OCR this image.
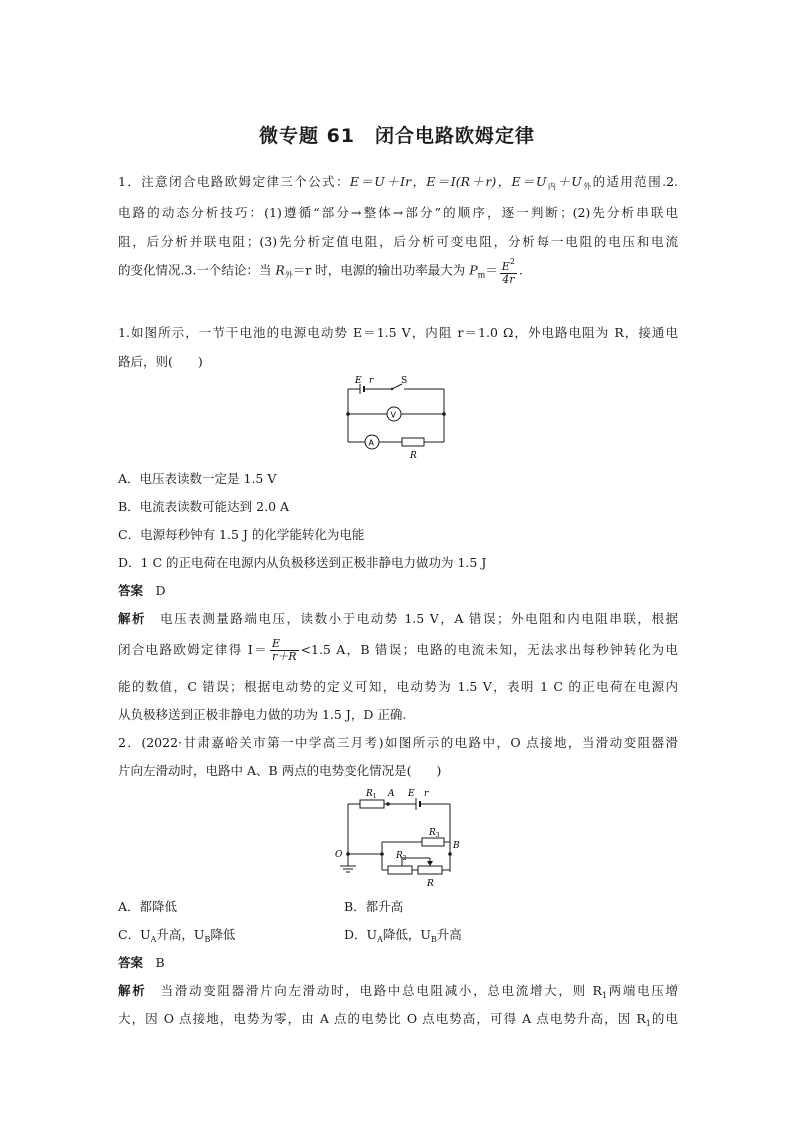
微专题 61　闭合电路欧姆定律
1．注意闭合电路欧姆定律三个公式：E＝U＋Ir，E＝I(R＋r)，$E=U_内+U_外$的适用范围.2.
电路的动态分析技巧：(1)遵循“部分→整体→部分”的顺序，逐一判断；(2)先分析串联电
阻，后分析并联电阻；(3)先分析定值电阻，后分析可变电阻，分析每一电阻的电压和电流
的变化情况.3.一个结论：当 $R_外=r$ 时，电源的输出功率最大为 $P_m= \frac{E^2}{4r}$ .
1.如图所示，一节干电池的电源电动势 E＝1.5 V，内阻 r＝1.0 Ω，外电路电阻为 R，接通电
路后，则(　　)
E r	S
V
A
R
A．电压表读数一定是 1.5 V
B．电流表读数可能达到 2.0 A
C．电源每秒钟有 1.5 J 的化学能转化为电能
D．1 C 的正电荷在电源内从负极移送到正极非静电力做功为 1.5 J
答案　 D
解析　 电压表测量路端电压，读数小于电动势 1.5 V，A 错误；外电阻和内电阻串联，根据
闭合电路欧姆定律得 $I= \frac{E}{r+R} <1.5$ A，B 错误；电路的电流未知，无法求出每秒钟转化为电
能的数值，C 错误；根据电动势的定义可知，电动势为 1.5 V，表明 1 C 的正电荷在电源内
从负极移送到正极非静电力做的功为 1.5 J，D 正确.
2．(2022·甘肃嘉峪关市第一中学高三月考)如图所示的电路中，O 点接地，当滑动变阻器滑
片向左滑动时，电路中 A、B 两点的电势变化情况是(　　)
$R_1$ A E r
$R_3$
B
O	$R_2$
R
A．都降低	B．都升高
C．$U_A$升高，$U_B$降低	D．$U_A$降低，$U_B$升高
答案　 B
解析　 当滑动变阻器滑片向左滑动时，电路中总电阻减小，总电流增大，则 $R_1$两端电压增
大，因 O 点接地，电势为零，由 A 点的电势比 O 点电势高，可得 A 点电势升高，因 $R_1$的电
